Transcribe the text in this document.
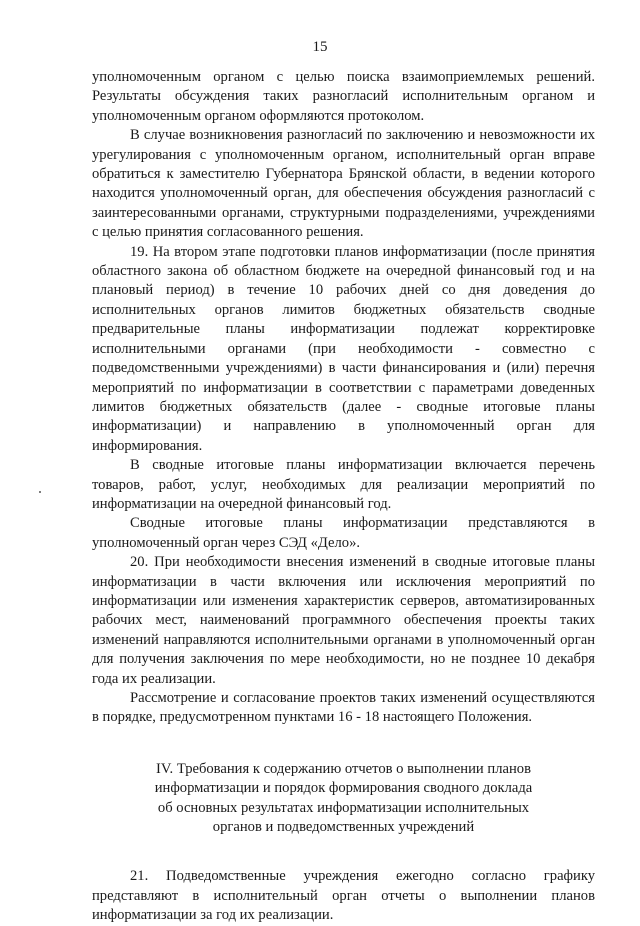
15

уполномоченным органом с целью поиска взаимоприемлемых решений. Результаты обсуждения таких разногласий исполнительным органом и уполномоченным органом оформляются протоколом.

В случае возникновения разногласий по заключению и невозможности их урегулирования с уполномоченным органом, исполнительный орган вправе обратиться к заместителю Губернатора Брянской области, в ведении которого находится уполномоченный орган, для обеспечения обсуждения разногласий с заинтересованными органами, структурными подразделениями, учреждениями с целью принятия согласованного решения.

19. На втором этапе подготовки планов информатизации (после принятия областного закона об областном бюджете на очередной финансовый год и на плановый период) в течение 10 рабочих дней со дня доведения до исполнительных органов лимитов бюджетных обязательств сводные предварительные планы информатизации подлежат корректировке исполнительными органами (при необходимости - совместно с подведомственными учреждениями) в части финансирования и (или) перечня мероприятий по информатизации в соответствии с параметрами доведенных лимитов бюджетных обязательств (далее - сводные итоговые планы информатизации) и направлению в уполномоченный орган для информирования.

В сводные итоговые планы информатизации включается перечень товаров, работ, услуг, необходимых для реализации мероприятий по информатизации на очередной финансовый год.

Сводные итоговые планы информатизации представляются в уполномоченный орган через СЭД «Дело».

20. При необходимости внесения изменений в сводные итоговые планы информатизации в части включения или исключения мероприятий по информатизации или изменения характеристик серверов, автоматизированных рабочих мест, наименований программного обеспечения проекты таких изменений направляются исполнительными органами в уполномоченный орган для получения заключения по мере необходимости, но не позднее 10 декабря года их реализации.

Рассмотрение и согласование проектов таких изменений осуществляются в порядке, предусмотренном пунктами 16 - 18 настоящего Положения.

IV. Требования к содержанию отчетов о выполнении планов
информатизации и порядок формирования сводного доклада
об основных результатах информатизации исполнительных
органов и подведомственных учреждений

21. Подведомственные учреждения ежегодно согласно графику представляют в исполнительный орган отчеты о выполнении планов информатизации за год их реализации.
